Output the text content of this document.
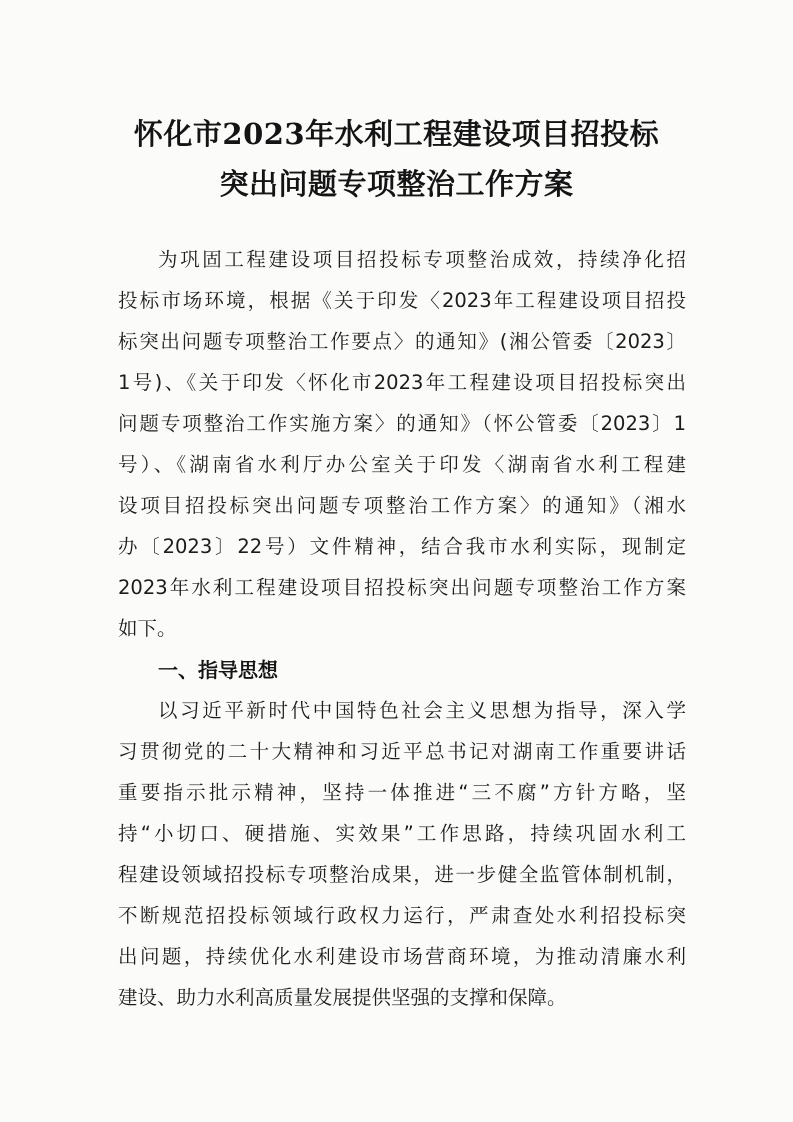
怀化市2023年水利工程建设项目招投标
突出问题专项整治工作方案
为巩固工程建设项目招投标专项整治成效，持续净化招
投标市场环境，根据《关于印发〈2023年工程建设项目招投
标突出问题专项整治工作要点〉的通知》(湘公管委〔2023〕
1号)、《关于印发〈怀化市2023年工程建设项目招投标突出
问题专项整治工作实施方案〉的通知》（怀公管委〔2023〕1
号）、《湖南省水利厅办公室关于印发〈湖南省水利工程建
设项目招投标突出问题专项整治工作方案〉的通知》（湘水
办〔2023〕22号）文件精神，结合我市水利实际，现制定
2023年水利工程建设项目招投标突出问题专项整治工作方案
如下。
一、指导思想
以习近平新时代中国特色社会主义思想为指导，深入学
习贯彻党的二十大精神和习近平总书记对湖南工作重要讲话
重要指示批示精神，坚持一体推进“三不腐”方针方略，坚
持“小切口、硬措施、实效果”工作思路，持续巩固水利工
程建设领域招投标专项整治成果，进一步健全监管体制机制，
不断规范招投标领域行政权力运行，严肃查处水利招投标突
出问题，持续优化水利建设市场营商环境，为推动清廉水利
建设、助力水利高质量发展提供坚强的支撑和保障。
